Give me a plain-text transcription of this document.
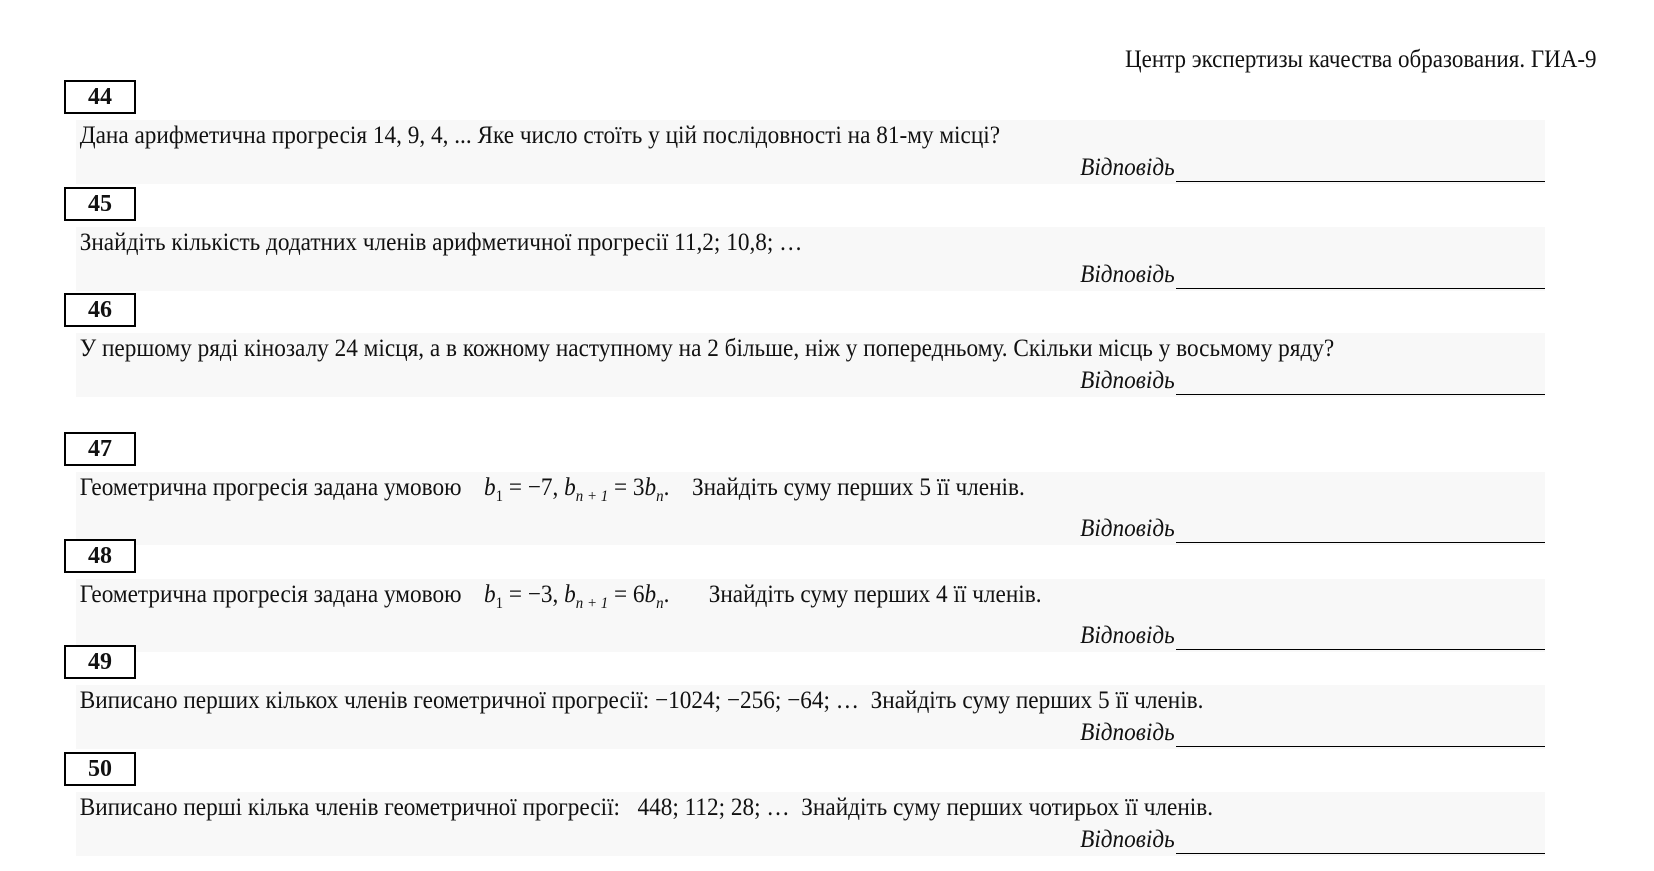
Центр экспертизы качества образования. ГИА-9
44
Дана арифметична прогресія 14, 9, 4, ... Яке число стоїть у цій послідовності на 81-му місці?
Відповідь
45
Знайдіть кількість додатних членів арифметичної прогресії 11,2; 10,8; …
Відповідь
46
У першому ряді кінозалу 24 місця, а в кожному наступному на 2 більше, ніж у попередньому. Скільки місць у восьмому ряду?
Відповідь
47
Геометрична прогресія задана умовою $b_1 = -7$, $b_{n + 1} = 3b_n$. Знайдіть суму перших 5 її членів.
Відповідь
48
Геометрична прогресія задана умовою $b_1 = -3$, $b_{n + 1} = 6b_n$. Знайдіть суму перших 4 її членів.
Відповідь
49
Виписано перших кількох членів геометричної прогресії: −1024; −256; −64; …  Знайдіть суму перших 5 її членів.
Відповідь
50
Виписано перші кілька членів геометричної прогресії:   448; 112; 28; …  Знайдіть суму перших чотирьох її членів.
Відповідь
